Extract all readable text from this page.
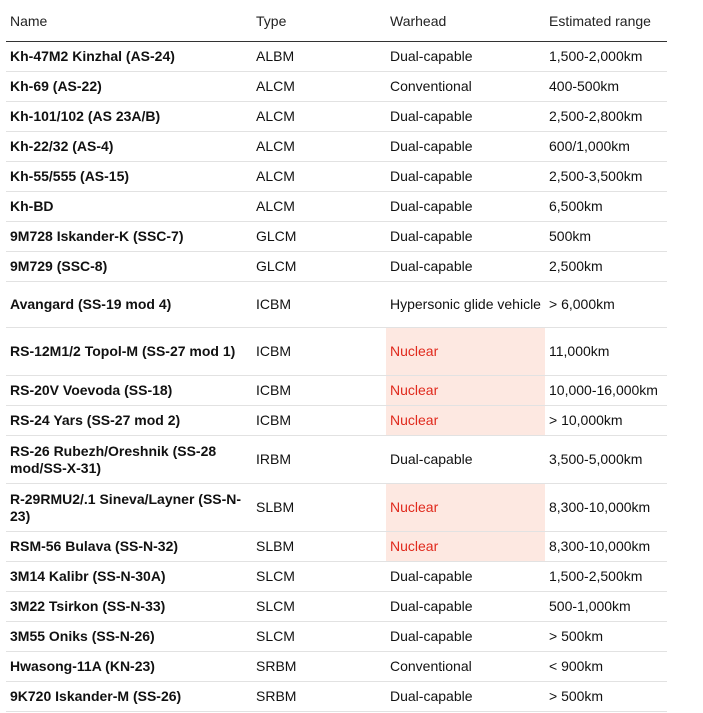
Name	Type	Warhead	Estimated range
Kh-47M2 Kinzhal (AS-24)	ALBM	Dual-capable	1,500-2,000km
Kh-69 (AS-22)	ALCM	Conventional	400-500km
Kh-101/102 (AS 23A/B)	ALCM	Dual-capable	2,500-2,800km
Kh-22/32 (AS-4)	ALCM	Dual-capable	600/1,000km
Kh-55/555 (AS-15)	ALCM	Dual-capable	2,500-3,500km
Kh-BD	ALCM	Dual-capable	6,500km
9M728 Iskander-K (SSC-7)	GLCM	Dual-capable	500km
9M729 (SSC-8)	GLCM	Dual-capable	2,500km
Avangard (SS-19 mod 4)	ICBM	Hypersonic glide vehicle	> 6,000km
RS-12M1/2 Topol-M (SS-27 mod 1)	ICBM	Nuclear	11,000km
RS-20V Voevoda (SS-18)	ICBM	Nuclear	10,000-16,000km
RS-24 Yars (SS-27 mod 2)	ICBM	Nuclear	> 10,000km
RS-26 Rubezh/Oreshnik (SS-28 mod/SS-X-31)	IRBM	Dual-capable	3,500-5,000km
R-29RMU2/.1 Sineva/Layner (SS-N-23)	SLBM	Nuclear	8,300-10,000km
RSM-56 Bulava (SS-N-32)	SLBM	Nuclear	8,300-10,000km
3M14 Kalibr (SS-N-30A)	SLCM	Dual-capable	1,500-2,500km
3M22 Tsirkon (SS-N-33)	SLCM	Dual-capable	500-1,000km
3M55 Oniks (SS-N-26)	SLCM	Dual-capable	> 500km
Hwasong-11A (KN-23)	SRBM	Conventional	< 900km
9K720 Iskander-M (SS-26)	SRBM	Dual-capable	> 500km
